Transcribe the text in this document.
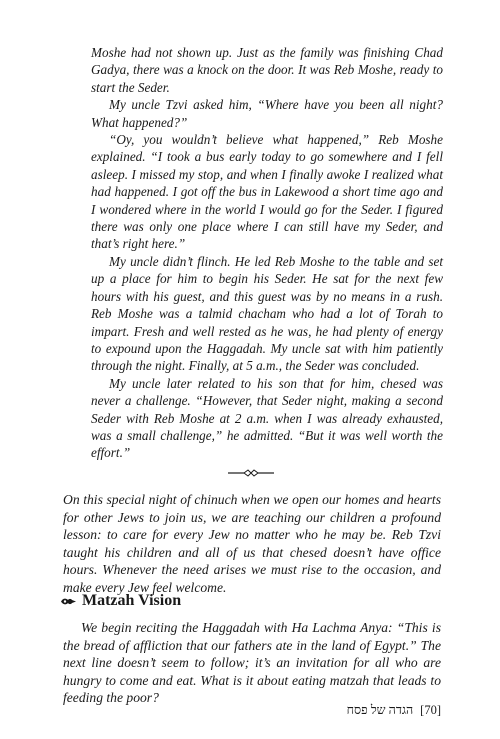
Moshe had not shown up. Just as the family was finishing Chad Gadya, there was a knock on the door. It was Reb Moshe, ready to start the Seder.

My uncle Tzvi asked him, “Where have you been all night? What happened?”

“Oy, you wouldn’t believe what happened,” Reb Moshe explained. “I took a bus early today to go somewhere and I fell asleep. I missed my stop, and when I finally awoke I realized what had happened. I got off the bus in Lakewood a short time ago and I wondered where in the world I would go for the Seder. I figured there was only one place where I can still have my Seder, and that’s right here.”

My uncle didn’t flinch. He led Reb Moshe to the table and set up a place for him to begin his Seder. He sat for the next few hours with his guest, and this guest was by no means in a rush. Reb Moshe was a talmid chacham who had a lot of Torah to impart. Fresh and well rested as he was, he had plenty of energy to expound upon the Haggadah. My uncle sat with him patiently through the night. Finally, at 5 a.m., the Seder was concluded.

My uncle later related to his son that for him, chesed was never a challenge. “However, that Seder night, making a second Seder with Reb Moshe at 2 a.m. when I was already exhausted, was a small challenge,” he admitted. “But it was well worth the effort.”

On this special night of chinuch when we open our homes and hearts for other Jews to join us, we are teaching our children a profound lesson: to care for every Jew no matter who he may be. Reb Tzvi taught his children and all of us that chesed doesn’t have office hours. Whenever the need arises we must rise to the occasion, and make every Jew feel welcome.

Matzah Vision

We begin reciting the Haggadah with Ha Lachma Anya: “This is the bread of affliction that our fathers ate in the land of Egypt.” The next line doesn’t seem to follow; it’s an invitation for all who are hungry to come and eat. What is it about eating matzah that leads to feeding the poor?

הגדה של פסח [70]
